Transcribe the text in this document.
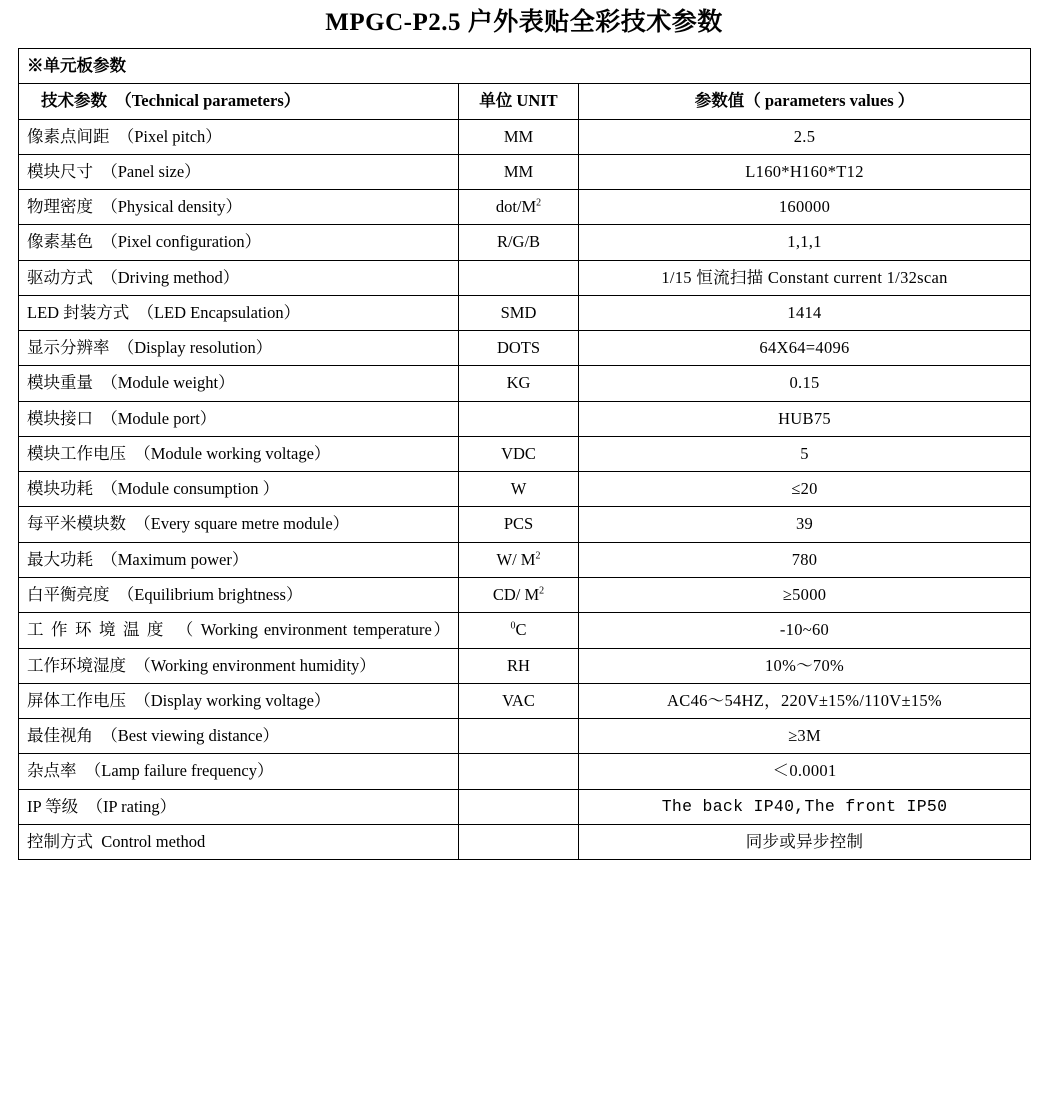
MPGC-P2.5 户外表贴全彩技术参数
※单元板参数		
技术参数　（Technical parameters）	单位 UNIT	参数值（ parameters values ）
像素点间距 （Pixel pitch）	MM	2.5
模块尺寸 （Panel size）	MM	L160*H160*T12
物理密度 （Physical density）	dot/$M^2$	160000
像素基色 （Pixel configuration）	R/G/B	1,1,1
驱动方式 （Driving method）		1/15 恒流扫描 Constant current 1/32scan
LED 封装方式 （LED Encapsulation）	SMD	1414
显示分辨率 （Display resolution）	DOTS	64X64=4096
模块重量 （Module weight）	KG	0.15
模块接口 （Module port）		HUB75
模块工作电压 （Module working voltage）	VDC	5
模块功耗 （Module consumption ）	W	≤20
每平米模块数 （Every square metre module）	PCS	39
最大功耗 （Maximum power）	W/ $M^2$	780
白平衡亮度 （Equilibrium brightness）	CD/ $M^2$	≥5000
工 作 环 境 温 度 （ Working environment temperature）	$^0$C	-10~60
工作环境湿度 （Working environment humidity）	RH	10%～70%
屏体工作电压 （Display working voltage）	VAC	AC46～54HZ，220V±15%/110V±15%
最佳视角 （Best viewing distance）		≥3M
杂点率 （Lamp failure frequency）		＜0.0001
IP 等级 （IP rating）		The back IP40,The front IP50
控制方式 Control method		同步或异步控制
